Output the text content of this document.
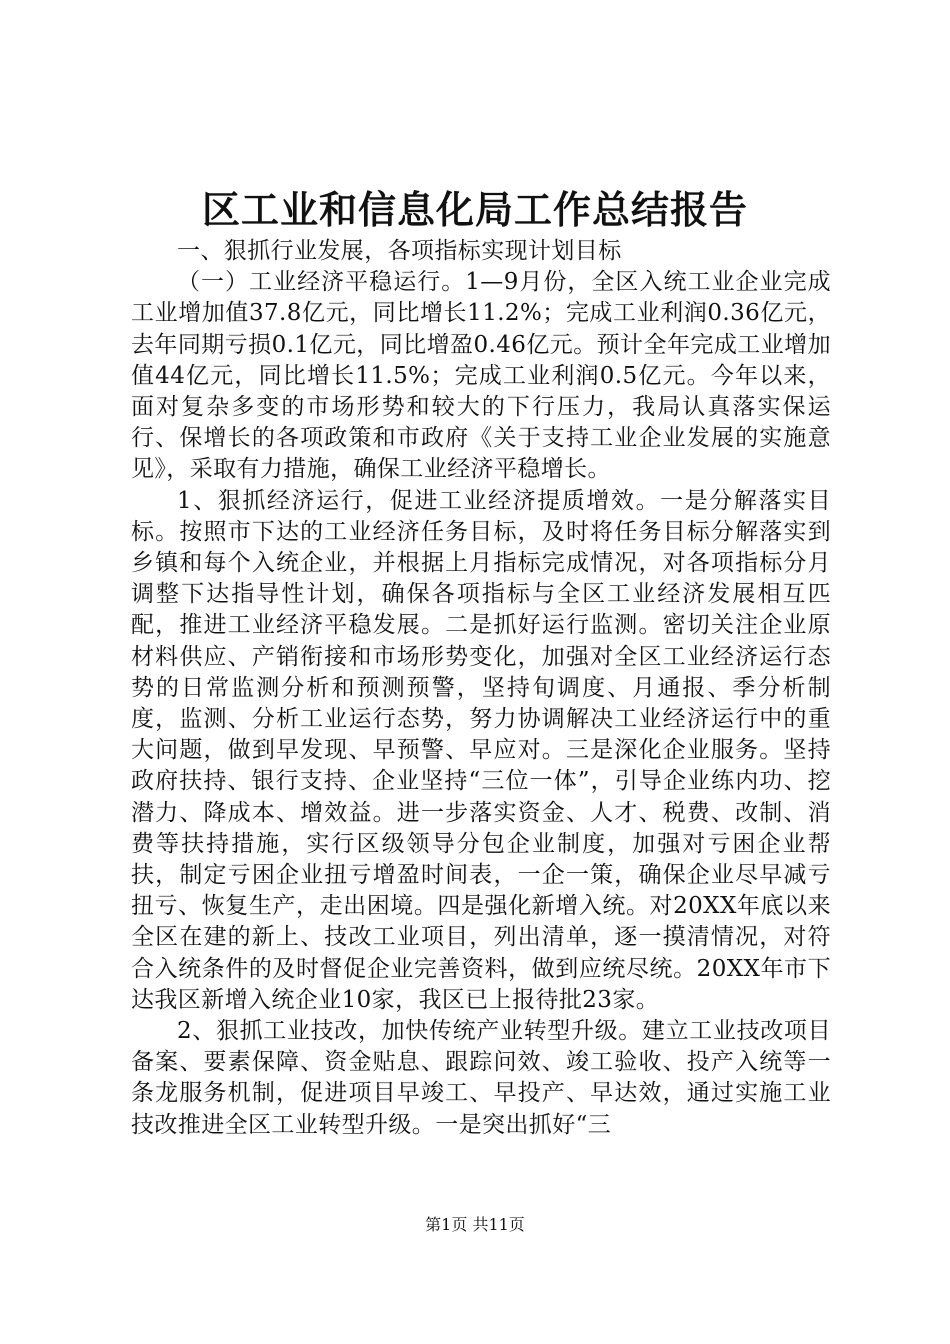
区工业和信息化局工作总结报告

一、狠抓行业发展，各项指标实现计划目标

（一）工业经济平稳运行。1—9月份，全区入统工业企业完成工业增加值37.8亿元，同比增长11.2%；完成工业利润0.36亿元，去年同期亏损0.1亿元，同比增盈0.46亿元。预计全年完成工业增加值44亿元，同比增长11.5%；完成工业利润0.5亿元。今年以来，面对复杂多变的市场形势和较大的下行压力，我局认真落实保运行、保增长的各项政策和市政府《关于支持工业企业发展的实施意见》，采取有力措施，确保工业经济平稳增长。

1、狠抓经济运行，促进工业经济提质增效。一是分解落实目标。按照市下达的工业经济任务目标，及时将任务目标分解落实到乡镇和每个入统企业，并根据上月指标完成情况，对各项指标分月调整下达指导性计划，确保各项指标与全区工业经济发展相互匹配，推进工业经济平稳发展。二是抓好运行监测。密切关注企业原材料供应、产销衔接和市场形势变化，加强对全区工业经济运行态势的日常监测分析和预测预警，坚持旬调度、月通报、季分析制度，监测、分析工业运行态势，努力协调解决工业经济运行中的重大问题，做到早发现、早预警、早应对。三是深化企业服务。坚持政府扶持、银行支持、企业坚持“三位一体”，引导企业练内功、挖潜力、降成本、增效益。进一步落实资金、人才、税费、改制、消费等扶持措施，实行区级领导分包企业制度，加强对亏困企业帮扶，制定亏困企业扭亏增盈时间表，一企一策，确保企业尽早减亏扭亏、恢复生产，走出困境。四是强化新增入统。对20XX年底以来全区在建的新上、技改工业项目，列出清单，逐一摸清情况，对符合入统条件的及时督促企业完善资料，做到应统尽统。20XX年市下达我区新增入统企业10家，我区已上报待批23家。

2、狠抓工业技改，加快传统产业转型升级。建立工业技改项目备案、要素保障、资金贴息、跟踪问效、竣工验收、投产入统等一条龙服务机制，促进项目早竣工、早投产、早达效，通过实施工业技改推进全区工业转型升级。一是突出抓好“三

第1页 共11页
